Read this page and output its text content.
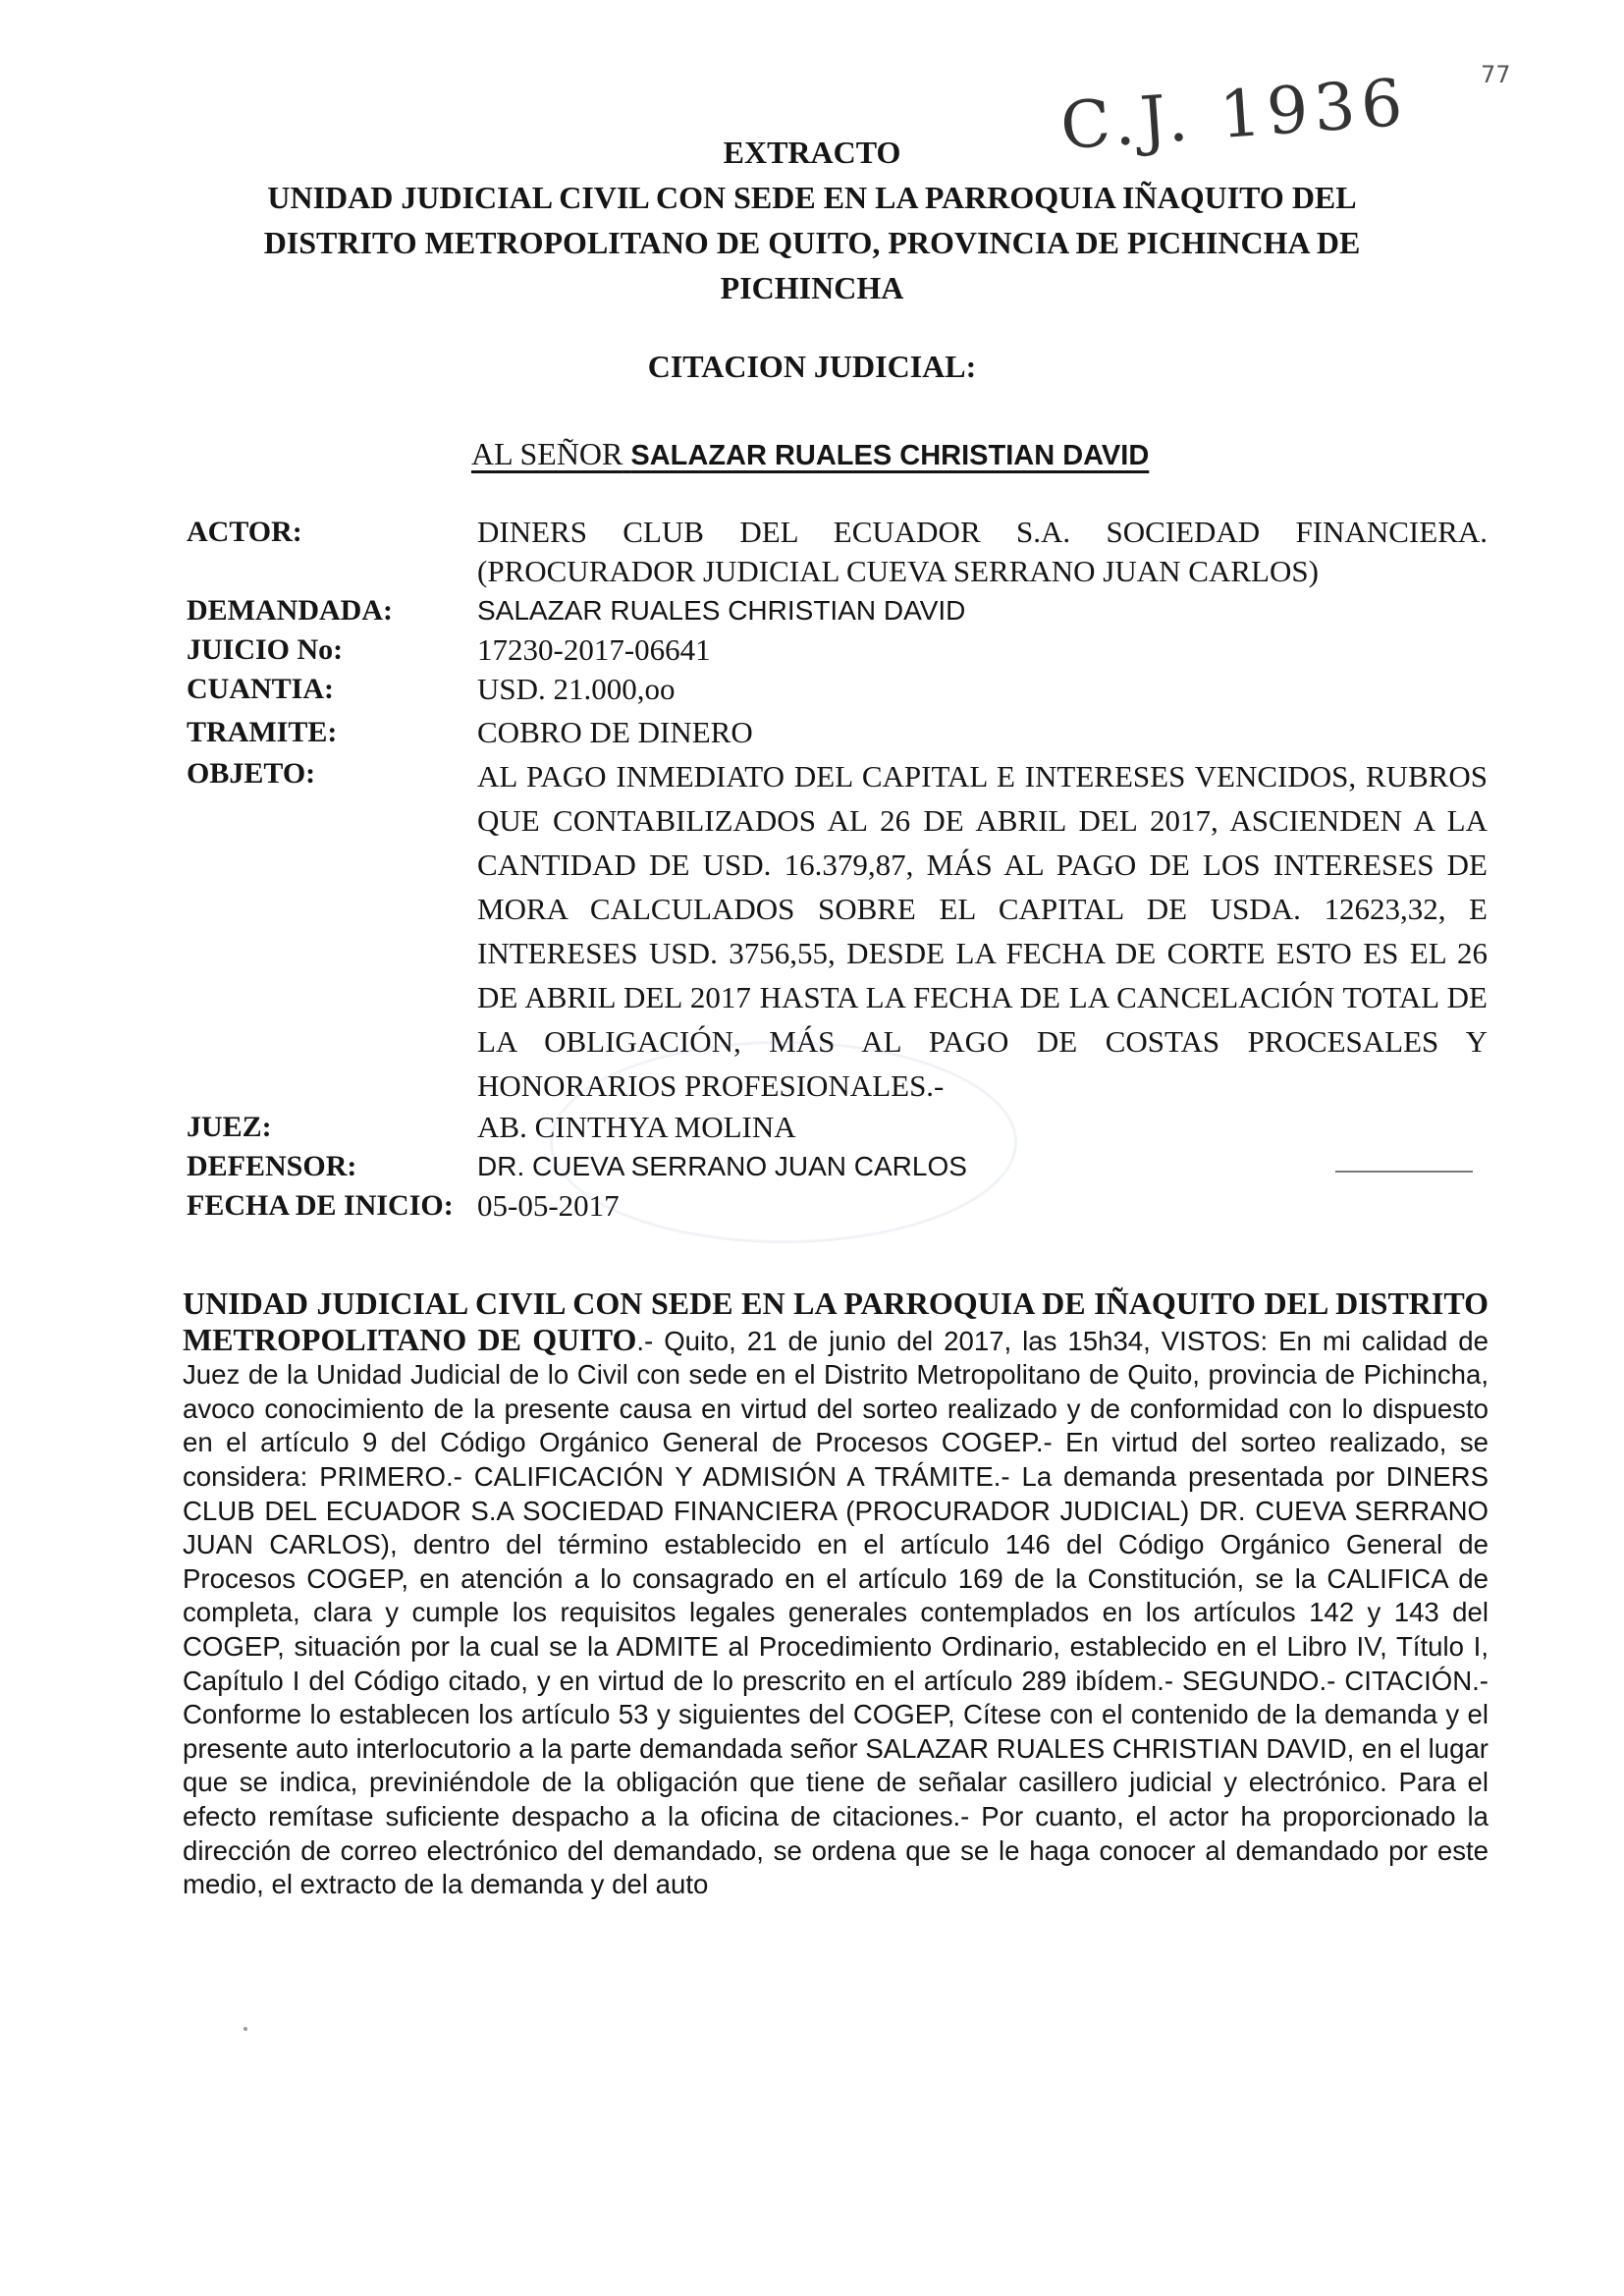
C.J. 1936	77
EXTRACTO
UNIDAD JUDICIAL CIVIL CON SEDE EN LA PARROQUIA IÑAQUITO DEL
DISTRITO METROPOLITANO DE QUITO, PROVINCIA DE PICHINCHA DE
PICHINCHA
CITACION JUDICIAL:
AL SEÑOR SALAZAR RUALES CHRISTIAN DAVID
ACTOR:	DINERS CLUB DEL ECUADOR S.A. SOCIEDAD FINANCIERA. (PROCURADOR JUDICIAL CUEVA SERRANO JUAN CARLOS)
DEMANDADA:	SALAZAR RUALES CHRISTIAN DAVID
JUICIO No:	17230-2017-06641
CUANTIA:	USD. 21.000,oo
TRAMITE:	COBRO DE DINERO
OBJETO:	AL PAGO INMEDIATO DEL CAPITAL E INTERESES VENCIDOS, RUBROS QUE CONTABILIZADOS AL 26 DE ABRIL DEL 2017, ASCIENDEN A LA CANTIDAD DE USD. 16.379,87, MÁS AL PAGO DE LOS INTERESES DE MORA CALCULADOS SOBRE EL CAPITAL DE USDA. 12623,32, E INTERESES USD. 3756,55, DESDE LA FECHA DE CORTE ESTO ES EL 26 DE ABRIL DEL 2017 HASTA LA FECHA DE LA CANCELACIÓN TOTAL DE LA OBLIGACIÓN, MÁS AL PAGO DE COSTAS PROCESALES Y HONORARIOS PROFESIONALES.-
JUEZ:	AB. CINTHYA MOLINA
DEFENSOR:	DR. CUEVA SERRANO JUAN CARLOS
FECHA DE INICIO: 05-05-2017
UNIDAD JUDICIAL CIVIL CON SEDE EN LA PARROQUIA DE IÑAQUITO DEL DISTRITO METROPOLITANO DE QUITO.- Quito, 21 de junio del 2017, las 15h34, VISTOS: En mi calidad de Juez de la Unidad Judicial de lo Civil con sede en el Distrito Metropolitano de Quito, provincia de Pichincha, avoco conocimiento de la presente causa en virtud del sorteo realizado y de conformidad con lo dispuesto en el artículo 9 del Código Orgánico General de Procesos COGEP.- En virtud del sorteo realizado, se considera: PRIMERO.- CALIFICACIÓN Y ADMISIÓN A TRÁMITE.- La demanda presentada por DINERS CLUB DEL ECUADOR S.A SOCIEDAD FINANCIERA (PROCURADOR JUDICIAL) DR. CUEVA SERRANO JUAN CARLOS), dentro del término establecido en el artículo 146 del Código Orgánico General de Procesos COGEP, en atención a lo consagrado en el artículo 169 de la Constitución, se la CALIFICA de completa, clara y cumple los requisitos legales generales contemplados en los artículos 142 y 143 del COGEP, situación por la cual se la ADMITE al Procedimiento Ordinario, establecido en el Libro IV, Título I, Capítulo I del Código citado, y en virtud de lo prescrito en el artículo 289 ibídem.- SEGUNDO.- CITACIÓN.- Conforme lo establecen los artículo 53 y siguientes del COGEP, Cítese con el contenido de la demanda y el presente auto interlocutorio a la parte demandada señor SALAZAR RUALES CHRISTIAN DAVID, en el lugar que se indica, previniéndole de la obligación que tiene de señalar casillero judicial y electrónico. Para el efecto remítase suficiente despacho a la oficina de citaciones.- Por cuanto, el actor ha proporcionado la dirección de correo electrónico del demandado, se ordena que se le haga conocer al demandado por este medio, el extracto de la demanda y del auto
